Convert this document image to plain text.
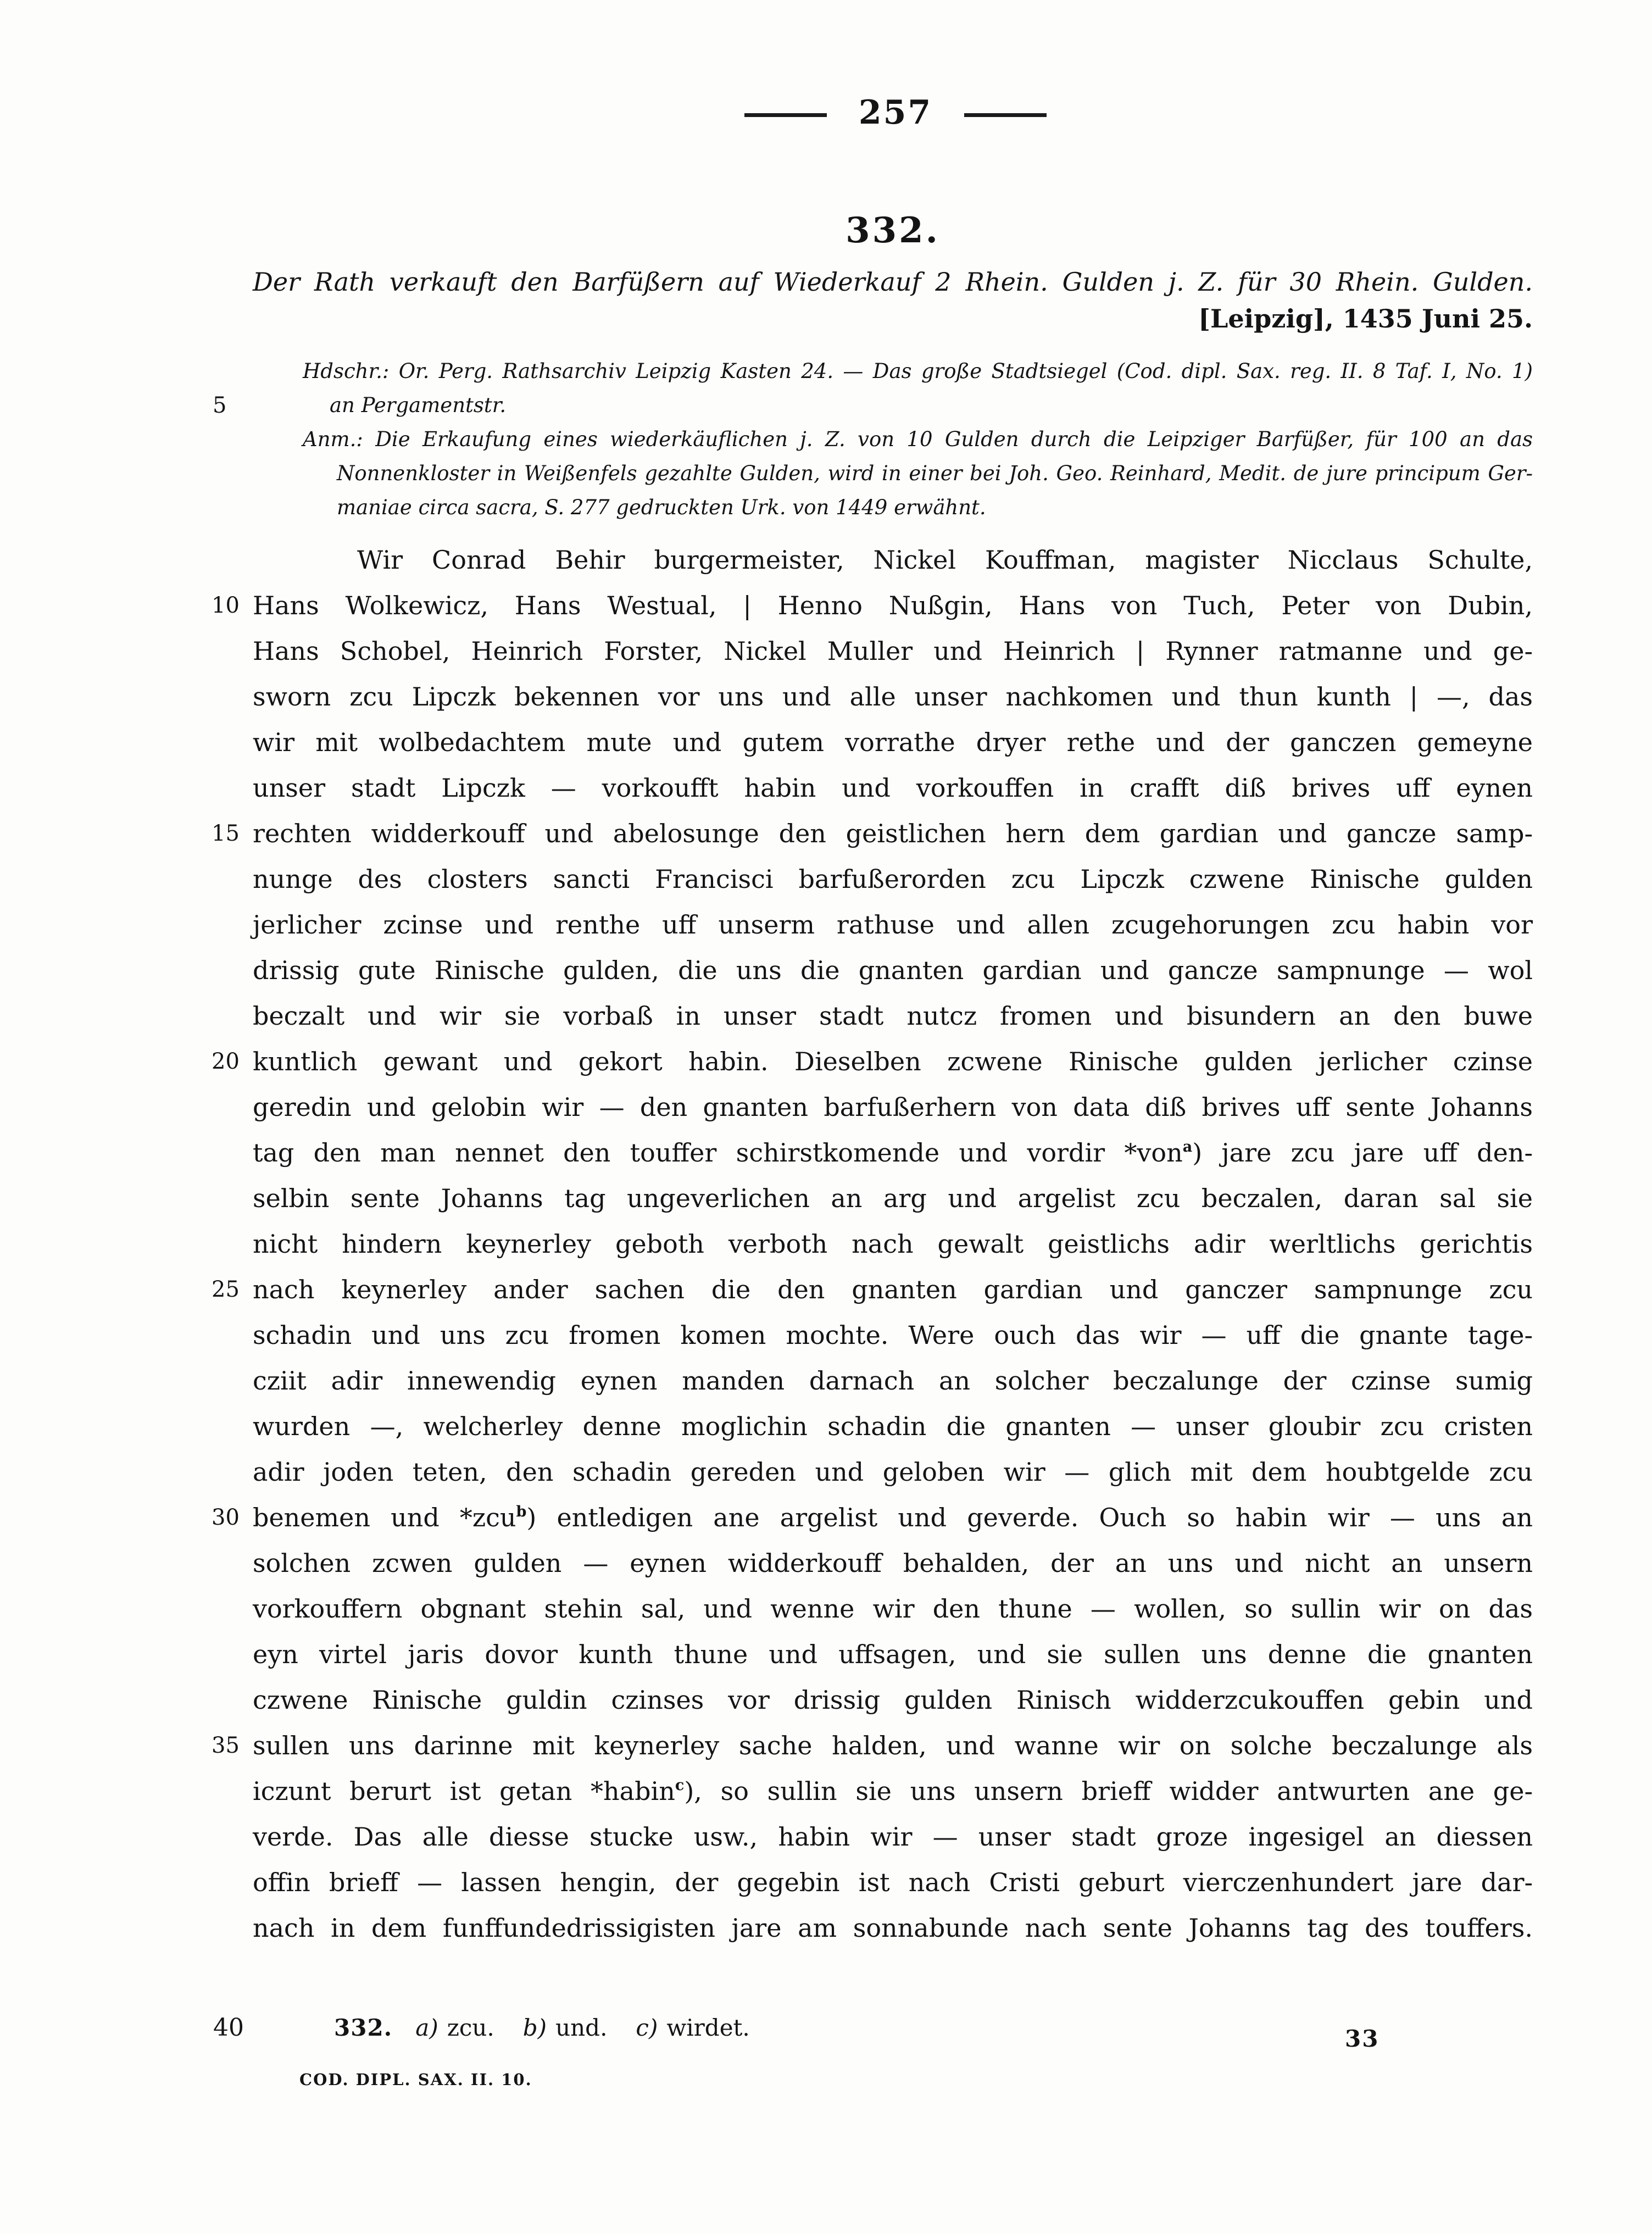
257
332.
Der Rath verkauft den Barfüßern auf Wiederkauf 2 Rhein. Gulden j. Z. für 30 Rhein. Gulden.
[Leipzig], 1435 Juni 25.
Hdschr.: Or. Perg. Rathsarchiv Leipzig Kasten 24. — Das große Stadtsiegel (Cod. dipl. Sax. reg. II. 8 Taf. I, No. 1)
5	an Pergamentstr.
Anm.: Die Erkaufung eines wiederkäuflichen j. Z. von 10 Gulden durch die Leipziger Barfüßer, für 100 an das
Nonnenkloster in Weißenfels gezahlte Gulden, wird in einer bei Joh. Geo. Reinhard, Medit. de jure principum Ger-
maniae circa sacra, S. 277 gedruckten Urk. von 1449 erwähnt.
10
15
20
25
30
35
Wir Conrad Behir burgermeister, Nickel Kouffman, magister Nicclaus Schulte,
Hans Wolkewicz, Hans Westual, | Henno Nußgin, Hans von Tuch, Peter von Dubin,
Hans Schobel, Heinrich Forster, Nickel Muller und Heinrich | Rynner ratmanne und ge-
sworn zcu Lipczk bekennen vor uns und alle unser nachkomen und thun kunth | —, das
wir mit wolbedachtem mute und gutem vorrathe dryer rethe und der ganczen gemeyne
unser stadt Lipczk — vorkoufft habin und vorkouffen in crafft diß brives uff eynen
rechten widderkouff und abelosunge den geistlichen hern dem gardian und gancze samp-
nunge des closters sancti Francisci barfußerorden zcu Lipczk czwene Rinische gulden
jerlicher zcinse und renthe uff unserm rathuse und allen zcugehorungen zcu habin vor
drissig gute Rinische gulden, die uns die gnanten gardian und gancze sampnunge — wol
beczalt und wir sie vorbaß in unser stadt nutcz fromen und bisundern an den buwe
kuntlich gewant und gekort habin. Dieselben zcwene Rinische gulden jerlicher czinse
geredin und gelobin wir — den gnanten barfußerhern von data diß brives uff sente Johanns
tag den man nennet den touffer schirstkomende und vordir *von$^a$) jare zcu jare uff den-
selbin sente Johanns tag ungeverlichen an arg und argelist zcu beczalen, daran sal sie
nicht hindern keynerley geboth verboth nach gewalt geistlichs adir werltlichs gerichtis
nach keynerley ander sachen die den gnanten gardian und ganczer sampnunge zcu
schadin und uns zcu fromen komen mochte. Were ouch das wir — uff die gnante tage-
cziit adir innewendig eynen manden darnach an solcher beczalunge der czinse sumig
wurden —, welcherley denne moglichin schadin die gnanten — unser gloubir zcu cristen
adir joden teten, den schadin gereden und geloben wir — glich mit dem houbtgelde zcu
benemen und *zcu$^b$) entledigen ane argelist und geverde. Ouch so habin wir — uns an
solchen zcwen gulden — eynen widderkouff behalden, der an uns und nicht an unsern
vorkouffern obgnant stehin sal, und wenne wir den thune — wollen, so sullin wir on das
eyn virtel jaris dovor kunth thune und uffsagen, und sie sullen uns denne die gnanten
czwene Rinische guldin czinses vor drissig gulden Rinisch widderzcukouffen gebin und
sullen uns darinne mit keynerley sache halden, und wanne wir on solche beczalunge als
iczunt berurt ist getan *habin$^c$), so sullin sie uns unsern brieff widder antwurten ane ge-
verde. Das alle diesse stucke usw., habin wir — unser stadt groze ingesigel an diessen
offin brieff — lassen hengin, der gegebin ist nach Cristi geburt vierczenhundert jare dar-
nach in dem funffundedrissigisten jare am sonnabunde nach sente Johanns tag des touffers.
40	332. a) zcu. b) und. c) wirdet.
COD. DIPL. SAX. II. 10.
33
